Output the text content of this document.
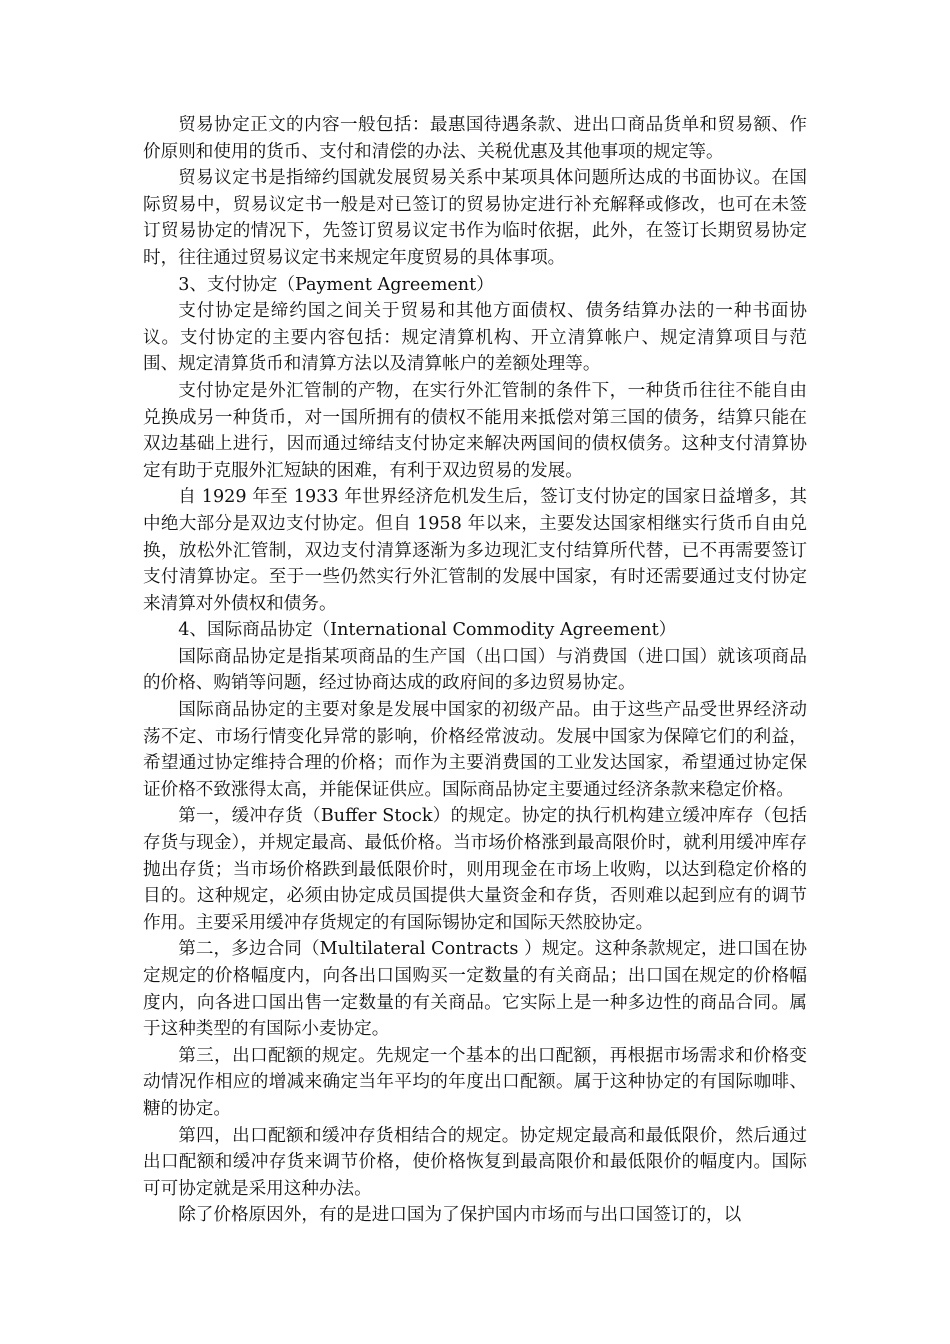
贸易协定正文的内容一般包括：最惠国待遇条款、进出口商品货单和贸易额、作价原则和使用的货币、支付和清偿的办法、关税优惠及其他事项的规定等。

贸易议定书是指缔约国就发展贸易关系中某项具体问题所达成的书面协议。在国际贸易中，贸易议定书一般是对已签订的贸易协定进行补充解释或修改，也可在未签订贸易协定的情况下，先签订贸易议定书作为临时依据，此外，在签订长期贸易协定时，往往通过贸易议定书来规定年度贸易的具体事项。

3、支付协定（Payment Agreement）

支付协定是缔约国之间关于贸易和其他方面债权、债务结算办法的一种书面协议。支付协定的主要内容包括：规定清算机构、开立清算帐户、规定清算项目与范围、规定清算货币和清算方法以及清算帐户的差额处理等。

支付协定是外汇管制的产物，在实行外汇管制的条件下，一种货币往往不能自由兑换成另一种货币，对一国所拥有的债权不能用来抵偿对第三国的债务，结算只能在双边基础上进行，因而通过缔结支付协定来解决两国间的债权债务。这种支付清算协定有助于克服外汇短缺的困难，有利于双边贸易的发展。

自 1929 年至 1933 年世界经济危机发生后，签订支付协定的国家日益增多，其中绝大部分是双边支付协定。但自 1958 年以来，主要发达国家相继实行货币自由兑换，放松外汇管制，双边支付清算逐渐为多边现汇支付结算所代替，已不再需要签订支付清算协定。至于一些仍然实行外汇管制的发展中国家，有时还需要通过支付协定来清算对外债权和债务。

4、国际商品协定（International Commodity Agreement）

国际商品协定是指某项商品的生产国（出口国）与消费国（进口国）就该项商品的价格、购销等问题，经过协商达成的政府间的多边贸易协定。

国际商品协定的主要对象是发展中国家的初级产品。由于这些产品受世界经济动荡不定、市场行情变化异常的影响，价格经常波动。发展中国家为保障它们的利益，希望通过协定维持合理的价格；而作为主要消费国的工业发达国家，希望通过协定保证价格不致涨得太高，并能保证供应。国际商品协定主要通过经济条款来稳定价格。

第一，缓冲存货（Buffer Stock）的规定。协定的执行机构建立缓冲库存（包括存货与现金），并规定最高、最低价格。当市场价格涨到最高限价时，就利用缓冲库存抛出存货；当市场价格跌到最低限价时，则用现金在市场上收购，以达到稳定价格的目的。这种规定，必须由协定成员国提供大量资金和存货，否则难以起到应有的调节作用。主要采用缓冲存货规定的有国际锡协定和国际天然胶协定。

第二，多边合同（Multilateral Contracts ）规定。这种条款规定，进口国在协定规定的价格幅度内，向各出口国购买一定数量的有关商品；出口国在规定的价格幅度内，向各进口国出售一定数量的有关商品。它实际上是一种多边性的商品合同。属于这种类型的有国际小麦协定。

第三，出口配额的规定。先规定一个基本的出口配额，再根据市场需求和价格变动情况作相应的增减来确定当年平均的年度出口配额。属于这种协定的有国际咖啡、糖的协定。

第四，出口配额和缓冲存货相结合的规定。协定规定最高和最低限价，然后通过出口配额和缓冲存货来调节价格，使价格恢复到最高限价和最低限价的幅度内。国际可可协定就是采用这种办法。

除了价格原因外，有的是进口国为了保护国内市场而与出口国签订的，以
